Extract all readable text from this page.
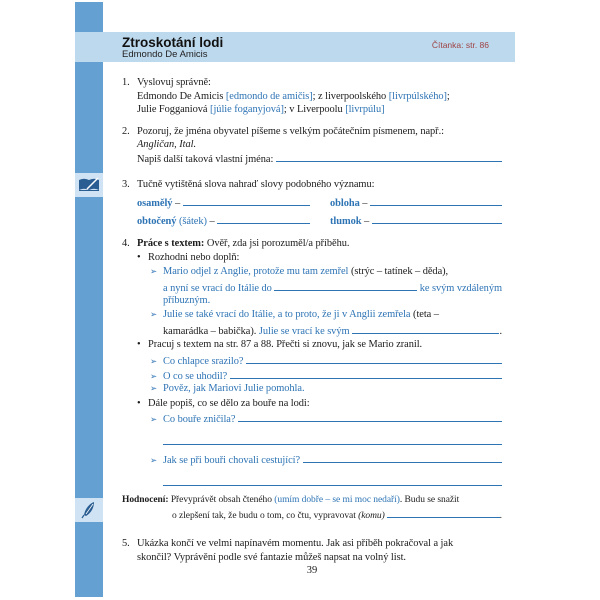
Ztroskotání lodi
Edmondo De Amicis
Čítanka: str. 86
1. Vyslovuj správně:
Edmondo De Amicis [edmondo de amičis] ; z liverpoolského [livrpúlského] ;
Julie Fogganiová [júlie foganyjová] ; v Liverpoolu [livrpúlu]
2. Pozoruj, že jména obyvatel píšeme s velkým počátečním písmenem, např.:
Angličan, Ital.
Napiš další taková vlastní jména:
3. Tučně vytištěná slova nahraď slovy podobného významu:
osamělý –	obloha –
obtočený (šátek) –	tlumok –
4. Práce s textem: Ověř, zda jsi porozuměl/a příběhu.
• Rozhodni nebo doplň:
➢ Mario odjel z Anglie, protože mu tam zemřel (strýc – tatínek – děda),
a nyní se vrací do Itálie do	ke svým vzdáleným
příbuzným.
➢ Julie se také vrací do Itálie, a to proto, že ji v Anglii zemřela (teta –
kamarádka – babička). Julie se vrací ke svým	.
• Pracuj s textem na str. 87 a 88. Přečti si znovu, jak se Mario zranil.
➢ Co chlapce srazilo?
➢ O co se uhodil?
➢ Pověz, jak Mariovi Julie pomohla.
• Dále popiš, co se dělo za bouře na lodi:
➢ Co bouře zničila?
➢ Jak se při bouři chovali cestující?
Hodnocení: Převyprávět obsah čteného (umím dobře – se mi moc nedaří) . Budu se snažit
o zlepšení tak, že budu o tom, co čtu, vypravovat (komu)	.
5. Ukázka končí ve velmi napínavém momentu. Jak asi příběh pokračoval a jak
skončil? Vyprávění podle své fantazie můžeš napsat na volný list.
39
